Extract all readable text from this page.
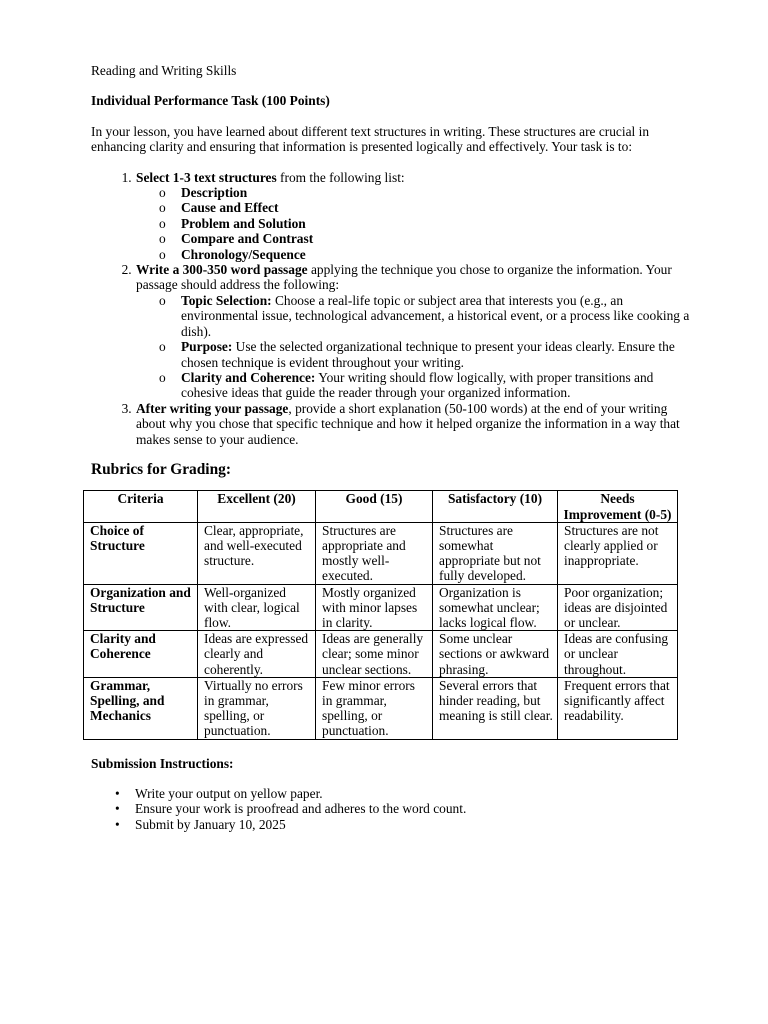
Reading and Writing Skills

Individual Performance Task (100 Points)

In your lesson, you have learned about different text structures in writing. These structures are crucial in enhancing clarity and ensuring that information is presented logically and effectively. Your task is to:

1. Select 1-3 text structures from the following list:
o Description
o Cause and Effect
o Problem and Solution
o Compare and Contrast
o Chronology/Sequence
2. Write a 300-350 word passage applying the technique you chose to organize the information. Your passage should address the following:
o Topic Selection: Choose a real-life topic or subject area that interests you (e.g., an environmental issue, technological advancement, a historical event, or a process like cooking a dish).
o Purpose: Use the selected organizational technique to present your ideas clearly. Ensure the chosen technique is evident throughout your writing.
o Clarity and Coherence: Your writing should flow logically, with proper transitions and cohesive ideas that guide the reader through your organized information.
3. After writing your passage, provide a short explanation (50-100 words) at the end of your writing about why you chose that specific technique and how it helped organize the information in a way that makes sense to your audience.

Rubrics for Grading:

Criteria	Excellent (20)	Good (15)	Satisfactory (10)	Needs Improvement (0-5)
Choice of Structure	Clear, appropriate, and well-executed structure.	Structures are appropriate and mostly well-executed.	Structures are somewhat appropriate but not fully developed.	Structures are not clearly applied or inappropriate.
Organization and Structure	Well-organized with clear, logical flow.	Mostly organized with minor lapses in clarity.	Organization is somewhat unclear; lacks logical flow.	Poor organization; ideas are disjointed or unclear.
Clarity and Coherence	Ideas are expressed clearly and coherently.	Ideas are generally clear; some minor unclear sections.	Some unclear sections or awkward phrasing.	Ideas are confusing or unclear throughout.
Grammar, Spelling, and Mechanics	Virtually no errors in grammar, spelling, or punctuation.	Few minor errors in grammar, spelling, or punctuation.	Several errors that hinder reading, but meaning is still clear.	Frequent errors that significantly affect readability.

Submission Instructions:

• Write your output on yellow paper.
• Ensure your work is proofread and adheres to the word count.
• Submit by January 10, 2025
